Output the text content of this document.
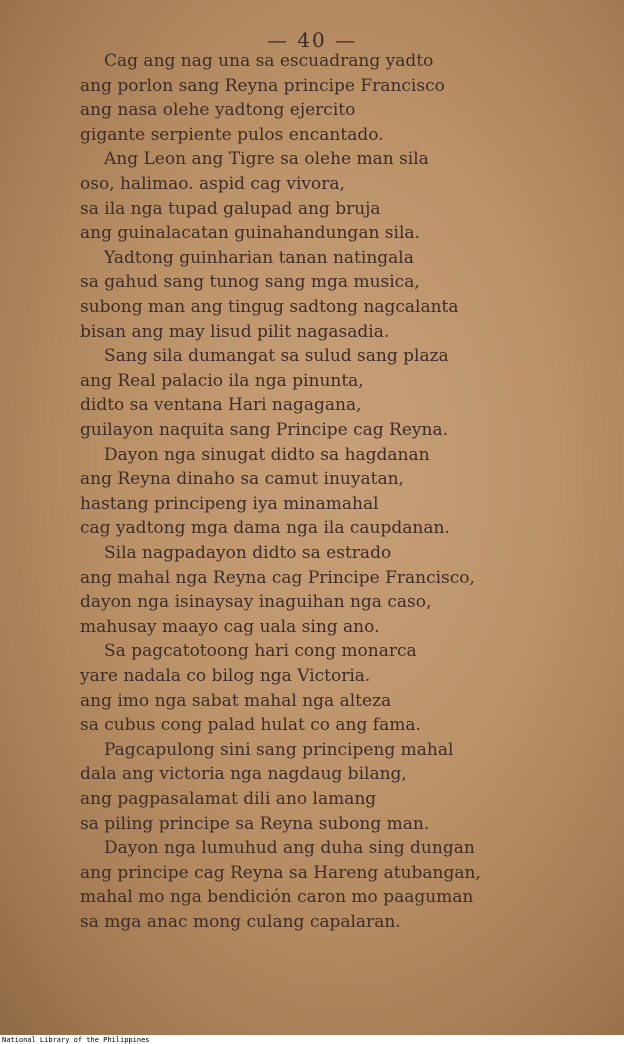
— 40 —
Cag ang nag una sa escuadrang yadto
ang porlon sang Reyna principe Francisco
ang nasa olehe yadtong ejercito
gigante serpiente pulos encantado.
Ang Leon ang Tigre sa olehe man sila
oso, halimao. aspid cag vivora,
sa ila nga tupad galupad ang bruja
ang guinalacatan guinahandungan sila.
Yadtong guinharian tanan natingala
sa gahud sang tunog sang mga musica,
subong man ang tingug sadtong nagcalanta
bisan ang may lisud pilit nagasadia.
Sang sila dumangat sa sulud sang plaza
ang Real palacio ila nga pinunta,
didto sa ventana Hari nagagana,
guilayon naquita sang Principe cag Reyna.
Dayon nga sinugat didto sa hagdanan
ang Reyna dinaho sa camut inuyatan,
hastang principeng iya minamahal
cag yadtong mga dama nga ila caupdanan.
Sila nagpadayon didto sa estrado
ang mahal nga Reyna cag Principe Francisco,
dayon nga isinaysay inaguihan nga caso,
mahusay maayo cag uala sing ano.
Sa pagcatotoong hari cong monarca
yare nadala co bilog nga Victoria.
ang imo nga sabat mahal nga alteza
sa cubus cong palad hulat co ang fama.
Pagcapulong sini sang principeng mahal
dala ang victoria nga nagdaug bilang,
ang pagpasalamat dili ano lamang
sa piling principe sa Reyna subong man.
Dayon nga lumuhud ang duha sing dungan
ang principe cag Reyna sa Hareng atubangan,
mahal mo nga bendición caron mo paaguman
sa mga anac mong culang capalaran.
National Library of the Philippines
